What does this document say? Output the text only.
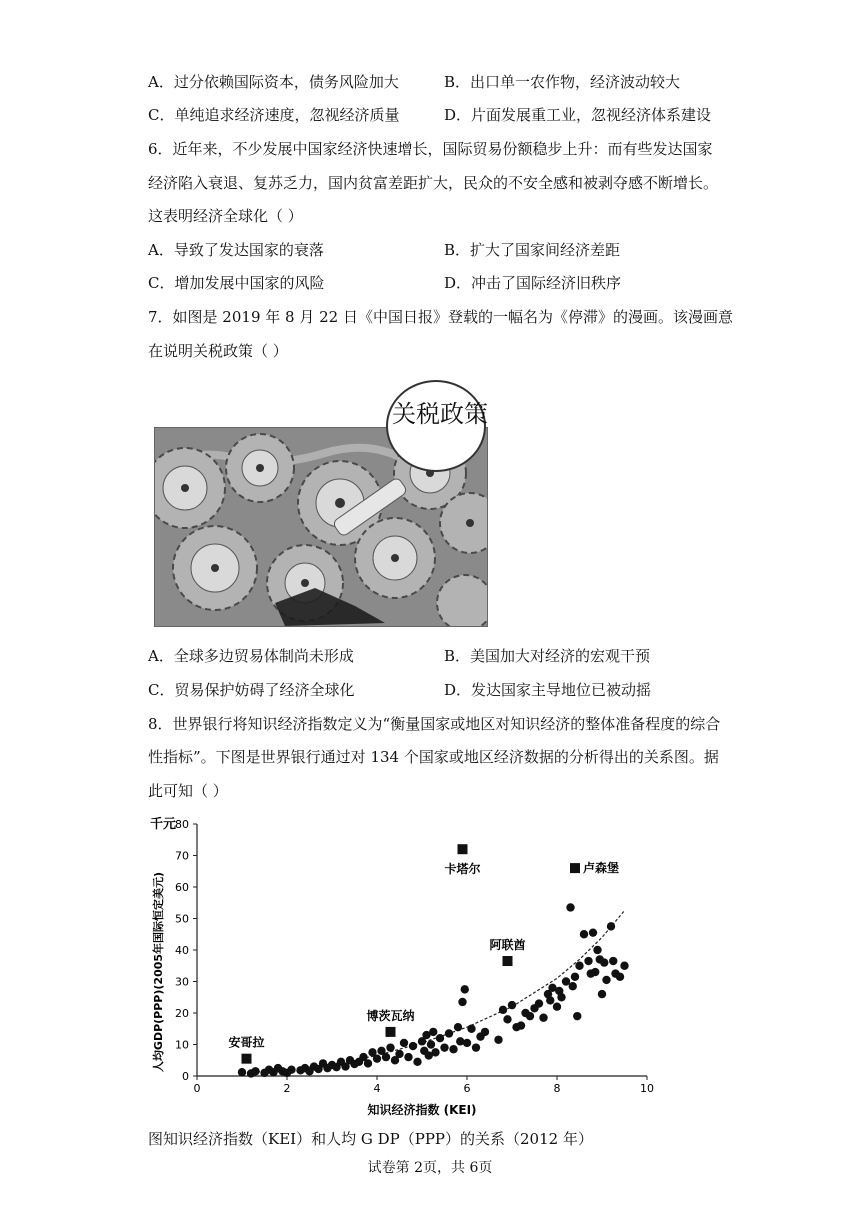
A．过分依赖国际资本，债务风险加大	B．出口单一农作物，经济波动较大
C．单纯追求经济速度，忽视经济质量	D．片面发展重工业，忽视经济体系建设
6．近年来，不少发展中国家经济快速增长，国际贸易份额稳步上升：而有些发达国家
经济陷入衰退、复苏乏力，国内贫富差距扩大，民众的不安全感和被剥夺感不断增长。
这表明经济全球化（ ）
A．导致了发达国家的衰落	B．扩大了国家间经济差距
C．增加发展中国家的风险	D．冲击了国际经济旧秩序
7．如图是 2019 年 8 月 22 日《中国日报》登载的一幅名为《停滞》的漫画。该漫画意
在说明关税政策（ ）
关税政策
A．全球多边贸易体制尚未形成	B．美国加大对经济的宏观干预
C．贸易保护妨碍了经济全球化	D．发达国家主导地位已被动摇
8．世界银行将知识经济指数定义为“衡量国家或地区对知识经济的整体准备程度的综合
性指标”。下图是世界银行通过对 134 个国家或地区经济数据的分析得出的关系图。据
此可知（ ）
0	2	4	6	8	10
0
10
20
30
40
50
60
70
80
卡塔尔	卢森堡
阿联酋
博茨瓦纳
安哥拉
千元
人均GDP(PPP)(2005年国际恒定美元)
知识经济指数 (KEI)
图知识经济指数（KEI）和人均 G DP（PPP）的关系（2012 年）
试卷第 2页，共 6页
